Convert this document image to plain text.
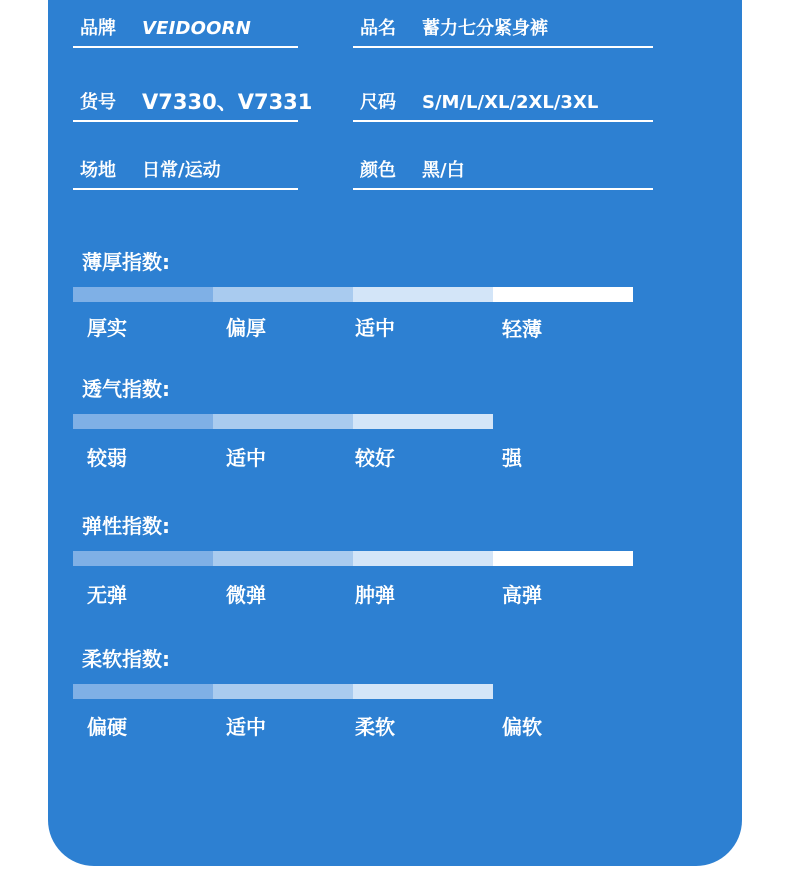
品牌 VEIDOORN	品名 蓄力七分紧身裤
货号 V7330、V7331	尺码 S/M/L/XL/2XL/3XL
场地 日常/运动	颜色 黑/白
薄厚指数:
厚实	偏厚	适中	轻薄
透气指数:
较弱	适中	较好	强
弹性指数:
无弹	微弹	肿弹	高弹
柔软指数:
偏硬	适中	柔软	偏软
